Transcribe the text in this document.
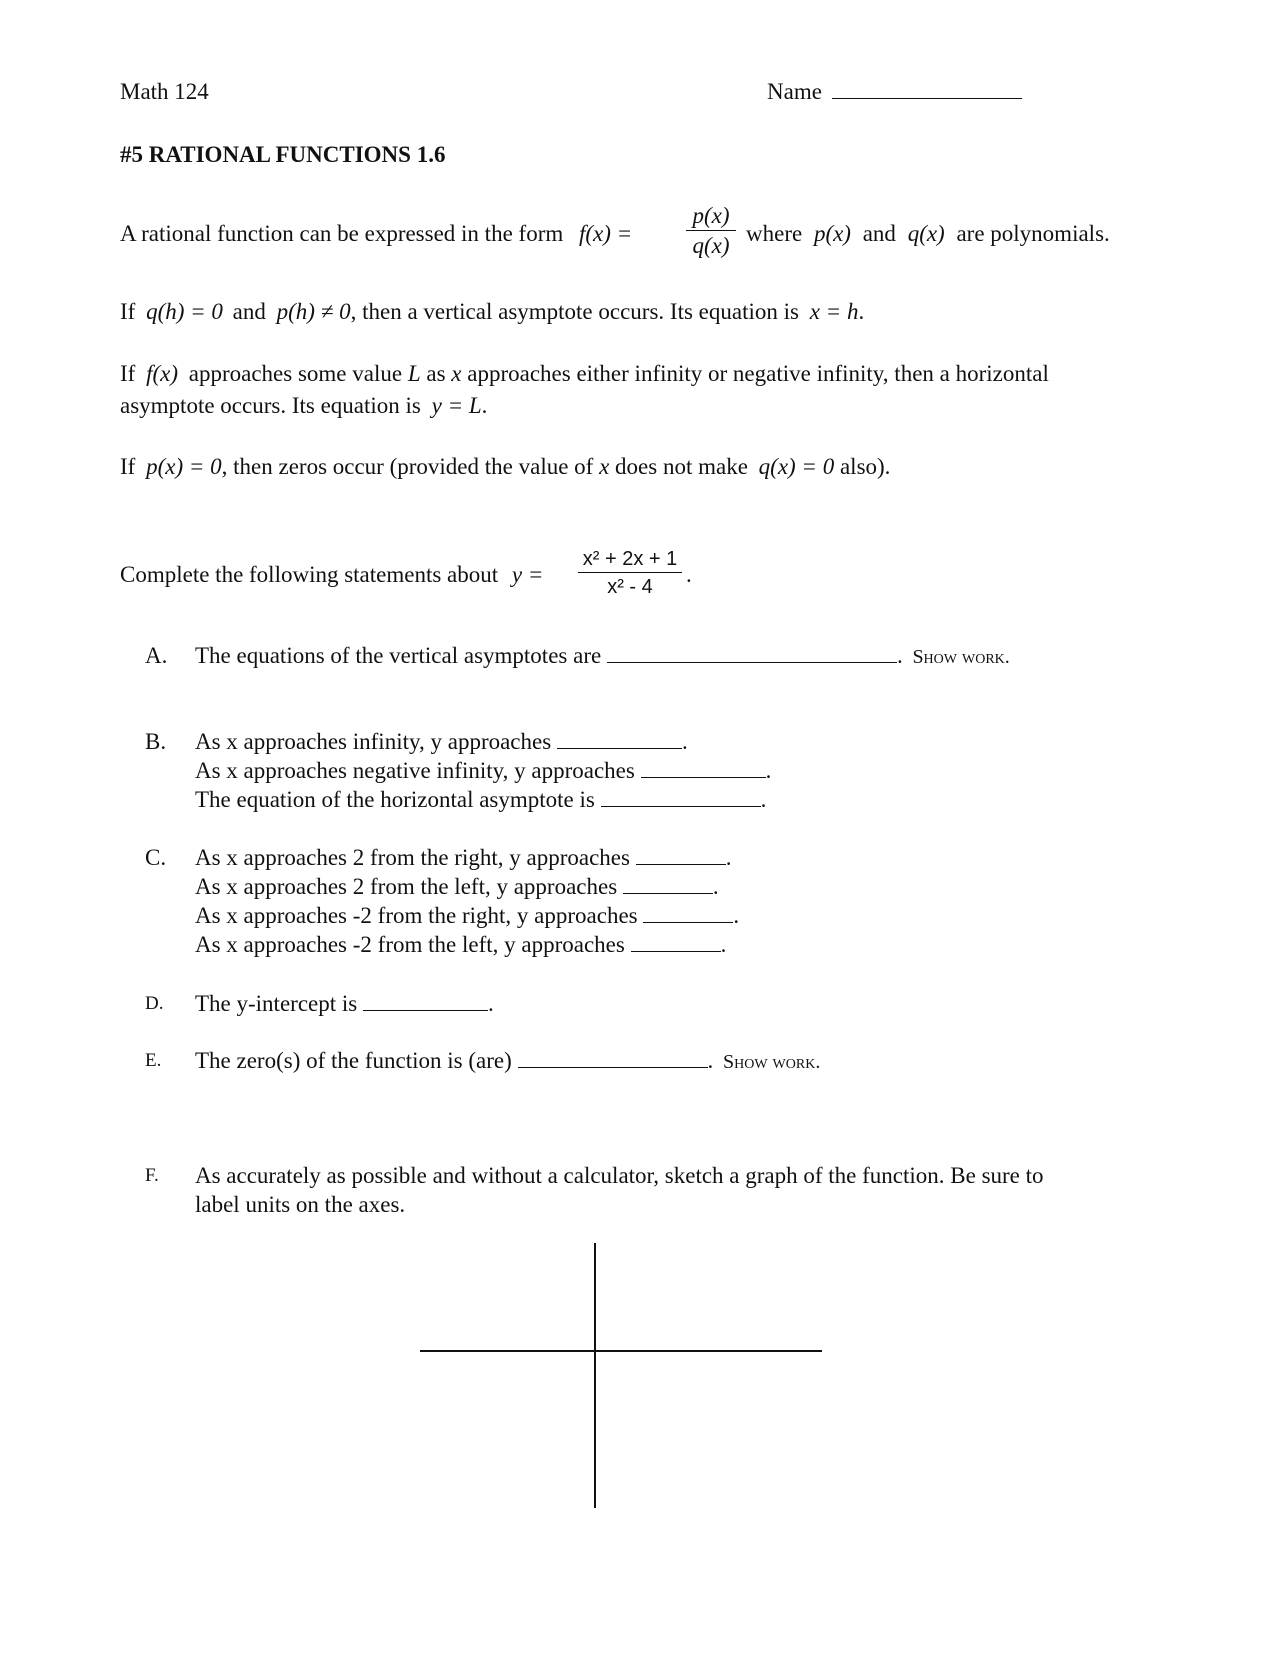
Math 124	Name
#5 RATIONAL FUNCTIONS 1.6
A rational function can be expressed in the form f(x) =
p(x)
q(x) where p(x) and q(x) are polynomials.
If q(h) = 0 and p(h) ≠ 0, then a vertical asymptote occurs. Its equation is x = h.
If f(x) approaches some value L as x approaches either infinity or negative infinity, then a horizontal
asymptote occurs. Its equation is y = L.
If p(x) = 0, then zeros occur (provided the value of x does not make q(x) = 0 also).
Complete the following statements about y =
x² + 2x + 1
x² - 4	.
A. The equations of the vertical asymptotes are	. Show work.
B. As x approaches infinity, y approaches	.
As x approaches negative infinity, y approaches	.
The equation of the horizontal asymptote is	.
C. As x approaches 2 from the right, y approaches	.
As x approaches 2 from the left, y approaches	.
As x approaches -2 from the right, y approaches	.
As x approaches -2 from the left, y approaches	.
D. The y-intercept is	.
E. The zero(s) of the function is (are)	. Show work.
F. As accurately as possible and without a calculator, sketch a graph of the function. Be sure to
label units on the axes.
